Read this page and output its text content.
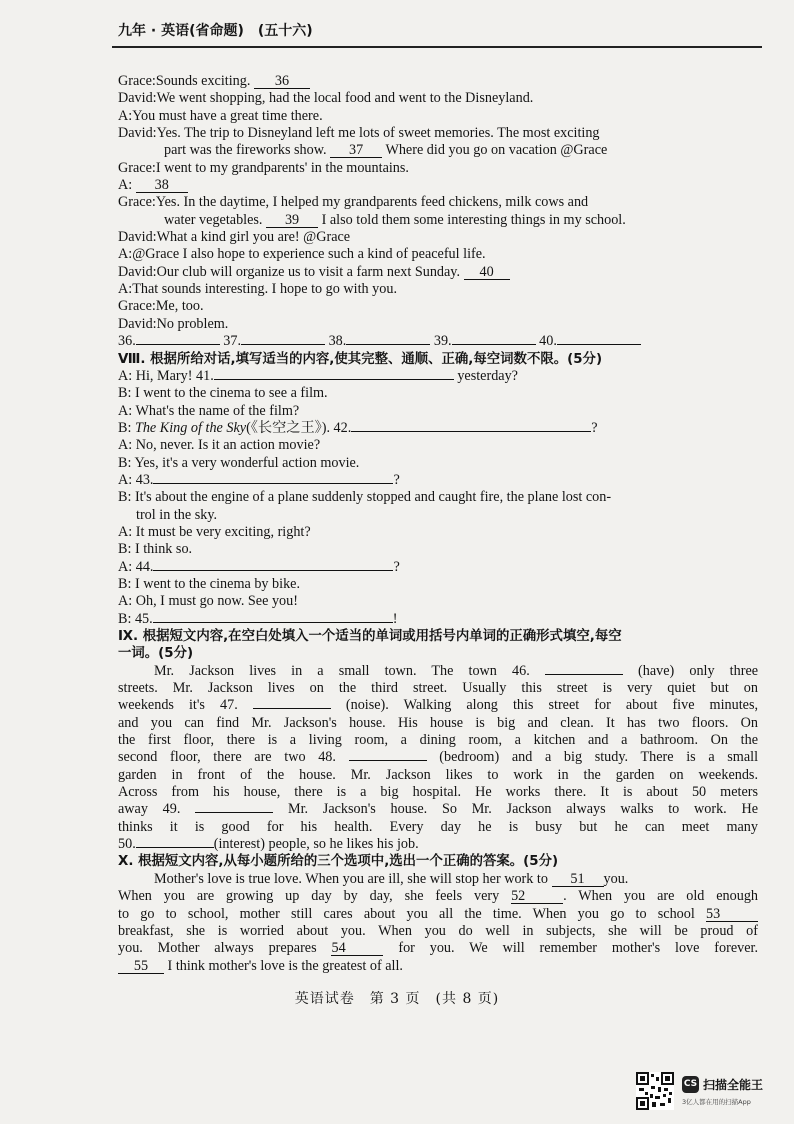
九年 · 英语(省命题)　(五十六)
Grace:Sounds exciting. 36
David:We went shopping, had the local food and went to the Disneyland.
A:You must have a great time there.
David:Yes. The trip to Disneyland left me lots of sweet memories. The most exciting
part was the fireworks show. 37 Where did you go on vacation @Grace
Grace:I went to my grandparents' in the mountains.
A: 38
Grace:Yes. In the daytime, I helped my grandparents feed chickens, milk cows and
water vegetables. 39 I also told them some interesting things in my school.
David:What a kind girl you are! @Grace
A:@Grace I also hope to experience such a kind of peaceful life.
David:Our club will organize us to visit a farm next Sunday. 40
A:That sounds interesting. I hope to go with you.
Grace:Me, too.
David:No problem.
36.	37.	38.	39.	40.
Ⅷ. 根据所给对话,填写适当的内容,使其完整、通顺、正确,每空词数不限。(5分)
A: Hi, Mary! 41.	yesterday?
B: I went to the cinema to see a film.
A: What's the name of the film?
B: The King of the Sky(《长空之王》). 42.	?
A: No, never. Is it an action movie?
B: Yes, it's a very wonderful action movie.
A: 43.	?
B: It's about the engine of a plane suddenly stopped and caught fire, the plane lost con-
trol in the sky.
A: It must be very exciting, right?
B: I think so.
A: 44.	?
B: I went to the cinema by bike.
A: Oh, I must go now. See you!
B: 45.	!
Ⅸ. 根据短文内容,在空白处填入一个适当的单词或用括号内单词的正确形式填空,每空
一词。(5分)
Mr. Jackson lives in a small town. The town 46.	(have) only three
streets. Mr. Jackson lives on the third street. Usually this street is very quiet but on
weekends it's 47.	(noise). Walking along this street for about five minutes,
and you can find Mr. Jackson's house. His house is big and clean. It has two floors. On
the first floor, there is a living room, a dining room, a kitchen and a bathroom. On the
second floor, there are two 48.	(bedroom) and a big study. There is a small
garden in front of the house. Mr. Jackson likes to work in the garden on weekends.
Across from his house, there is a big hospital. He works there. It is about 50 meters
away 49.	Mr. Jackson's house. So Mr. Jackson always walks to work. He
thinks it is good for his health. Every day he is busy but he can meet many
50.	(interest) people, so he likes his job.
Ⅹ. 根据短文内容,从每小题所给的三个选项中,选出一个正确的答案。(5分)
Mother's love is true love. When you are ill, she will stop her work to 51 you.
When you are growing up day by day, she feels very 52	. When you are old enough
to go to school, mother still cares about you all the time. When you go to school 53
breakfast, she is worried about you. When you do well in subjects, she will be proud of
you. Mother always prepares 54	for you. We will remember mother's love forever.
55 I think mother's love is the greatest of all.
英语试卷　第 3 页　(共 8 页)
CS 扫描全能王
3亿人都在用的扫描App
